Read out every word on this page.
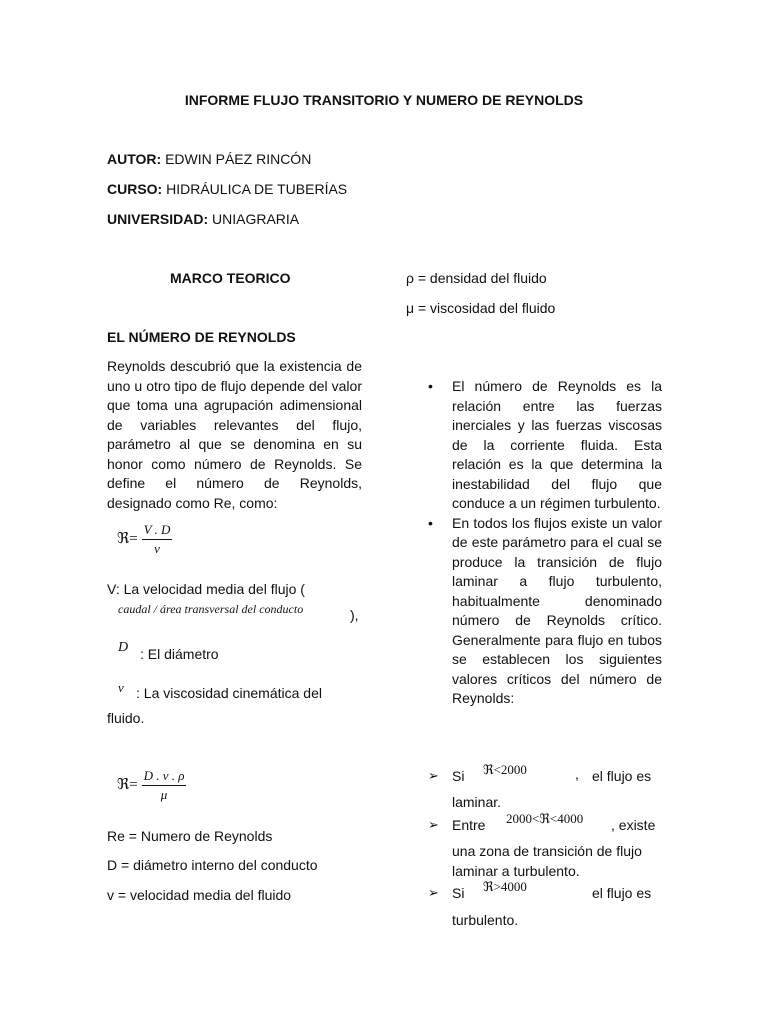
INFORME FLUJO TRANSITORIO Y NUMERO DE REYNOLDS
AUTOR: EDWIN PÁEZ RINCÓN
CURSO: HIDRÁULICA DE TUBERÍAS
UNIVERSIDAD: UNIAGRARIA
MARCO TEORICO
EL NÚMERO DE REYNOLDS
Reynolds descubrió que la existencia de uno u otro tipo de flujo depende del valor que toma una agrupación adimensional de variables relevantes del flujo, parámetro al que se denomina en su honor como número de Reynolds. Se define el número de Reynolds, designado como Re, como:
ℜ= $\frac{V . D}{\nu}$
V: La velocidad media del flujo (
caudal / área transversal del conducto	),
D : El diámetro
ν : La viscosidad cinemática del
fluido.
ℜ= $\frac{D . \nu . \rho}{\mu}$
Re = Numero de Reynolds
D = diámetro interno del conducto
v = velocidad media del fluido
ρ = densidad del fluido
μ = viscosidad del fluido
• El número de Reynolds es la relación entre las fuerzas inerciales y las fuerzas viscosas de la corriente fluida. Esta relación es la que determina la inestabilidad del flujo que conduce a un régimen turbulento.
• En todos los flujos existe un valor de este parámetro para el cual se produce la transición de flujo laminar a flujo turbulento, habitualmente denominado número de Reynolds crítico. Generalmente para flujo en tubos se establecen los siguientes valores críticos del número de Reynolds:
➢ Si ℜ<2000	, el flujo es
laminar.
➢ Entre 2000<ℜ<4000 , existe
una zona de transición de flujo laminar a turbulento.
➢ Si ℜ>4000	el flujo es
turbulento.
